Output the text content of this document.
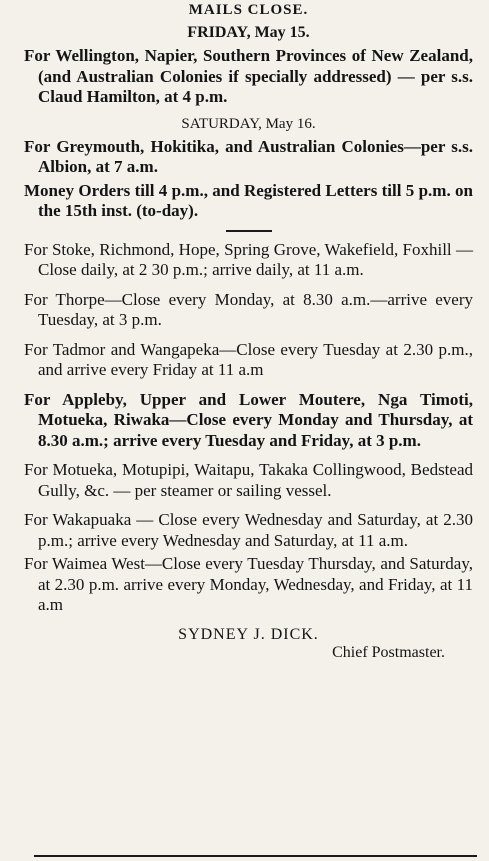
MAILS CLOSE.
FRIDAY, May 15.
For Wellington, Napier, Southern Provinces of New Zealand, (and Australian Colonies if specially addressed) — per s.s. Claud Hamilton, at 4 p.m.
SATURDAY, May 16.
For Greymouth, Hokitika, and Australian Colonies—per s.s. Albion, at 7 a.m.
Money Orders till 4 p.m., and Registered Letters till 5 p.m. on the 15th inst. (to-day).
For Stoke, Richmond, Hope, Spring Grove, Wakefield, Foxhill — Close daily, at 2 30 p.m.; arrive daily, at 11 a.m.
For Thorpe—Close every Monday, at 8.30 a.m.—arrive every Tuesday, at 3 p.m.
For Tadmor and Wangapeka—Close every Tuesday at 2.30 p.m., and arrive every Friday at 11 a.m
For Appleby, Upper and Lower Moutere, Nga Timoti, Motueka, Riwaka—Close every Monday and Thursday, at 8.30 a.m.; arrive every Tuesday and Friday, at 3 p.m.
For Motueka, Motupipi, Waitapu, Takaka Collingwood, Bedstead Gully, &c. — per steamer or sailing vessel.
For Wakapuaka — Close every Wednesday and Saturday, at 2.30 p.m.; arrive every Wednesday and Saturday, at 11 a.m.
For Waimea West—Close every Tuesday Thursday, and Saturday, at 2.30 p.m. arrive every Monday, Wednesday, and Friday, at 11 a.m
SYDNEY J. DICK.
Chief Postmaster.
